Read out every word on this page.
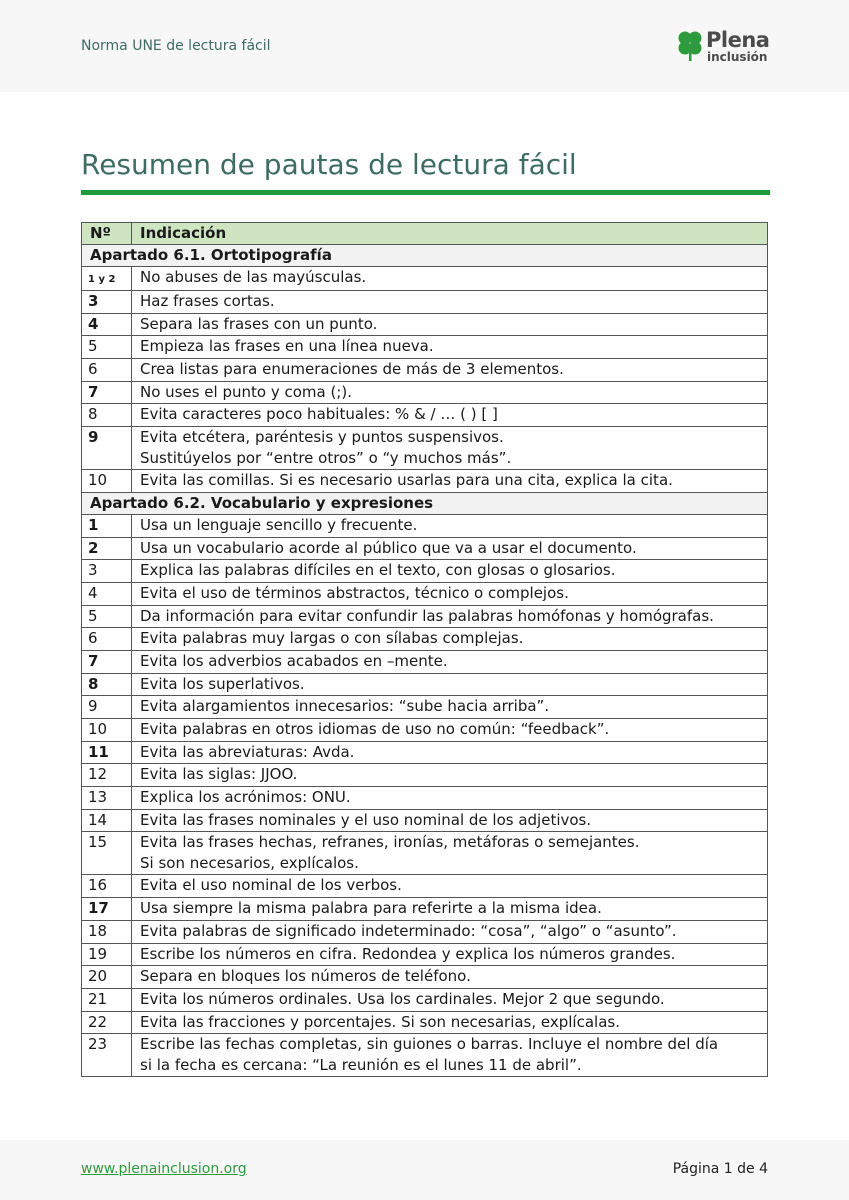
Norma UNE de lectura fácil	Plena
inclusión
Resumen de pautas de lectura fácil
Nº	Indicación
Apartado 6.1. Ortotipografía	
1 y 2	No abuses de las mayúsculas.

3	Haz frases cortas.

4	Separa las frases con un punto.

5	Empieza las frases en una línea nueva.

6	Crea listas para enumeraciones de más de 3 elementos.

7	No uses el punto y coma (;).

8	Evita caracteres poco habituales: % & / … ( ) [ ]

9	Evita etcétera, paréntesis y puntos suspensivos.
Sustitúyelos por “entre otros” o “y muchos más”.

10	Evita las comillas. Si es necesario usarlas para una cita, explica la cita.

Apartado 6.2. Vocabulario y expresiones	
1	Usa un lenguaje sencillo y frecuente.

2	Usa un vocabulario acorde al público que va a usar el documento.

3	Explica las palabras difíciles en el texto, con glosas o glosarios.

4	Evita el uso de términos abstractos, técnico o complejos.

5	Da información para evitar confundir las palabras homófonas y homógrafas.

6	Evita palabras muy largas o con sílabas complejas.

7	Evita los adverbios acabados en –mente.

8	Evita los superlativos.

9	Evita alargamientos innecesarios: “sube hacia arriba”.

10	Evita palabras en otros idiomas de uso no común: “feedback”.

11	Evita las abreviaturas: Avda.

12	Evita las siglas: JJOO.

13	Explica los acrónimos: ONU.

14	Evita las frases nominales y el uso nominal de los adjetivos.

15	Evita las frases hechas, refranes, ironías, metáforas o semejantes.
Si son necesarios, explícalos.

16	Evita el uso nominal de los verbos.

17	Usa siempre la misma palabra para referirte a la misma idea.

18	Evita palabras de significado indeterminado: “cosa”, “algo” o “asunto”.

19	Escribe los números en cifra. Redondea y explica los números grandes.

20	Separa en bloques los números de teléfono.

21	Evita los números ordinales. Usa los cardinales. Mejor 2 que segundo.

22	Evita las fracciones y porcentajes. Si son necesarias, explícalas.

23	Escribe las fechas completas, sin guiones o barras. Incluye el nombre del día
si la fecha es cercana: “La reunión es el lunes 11 de abril”.
www.plenainclusion.org	Página 1 de 4
